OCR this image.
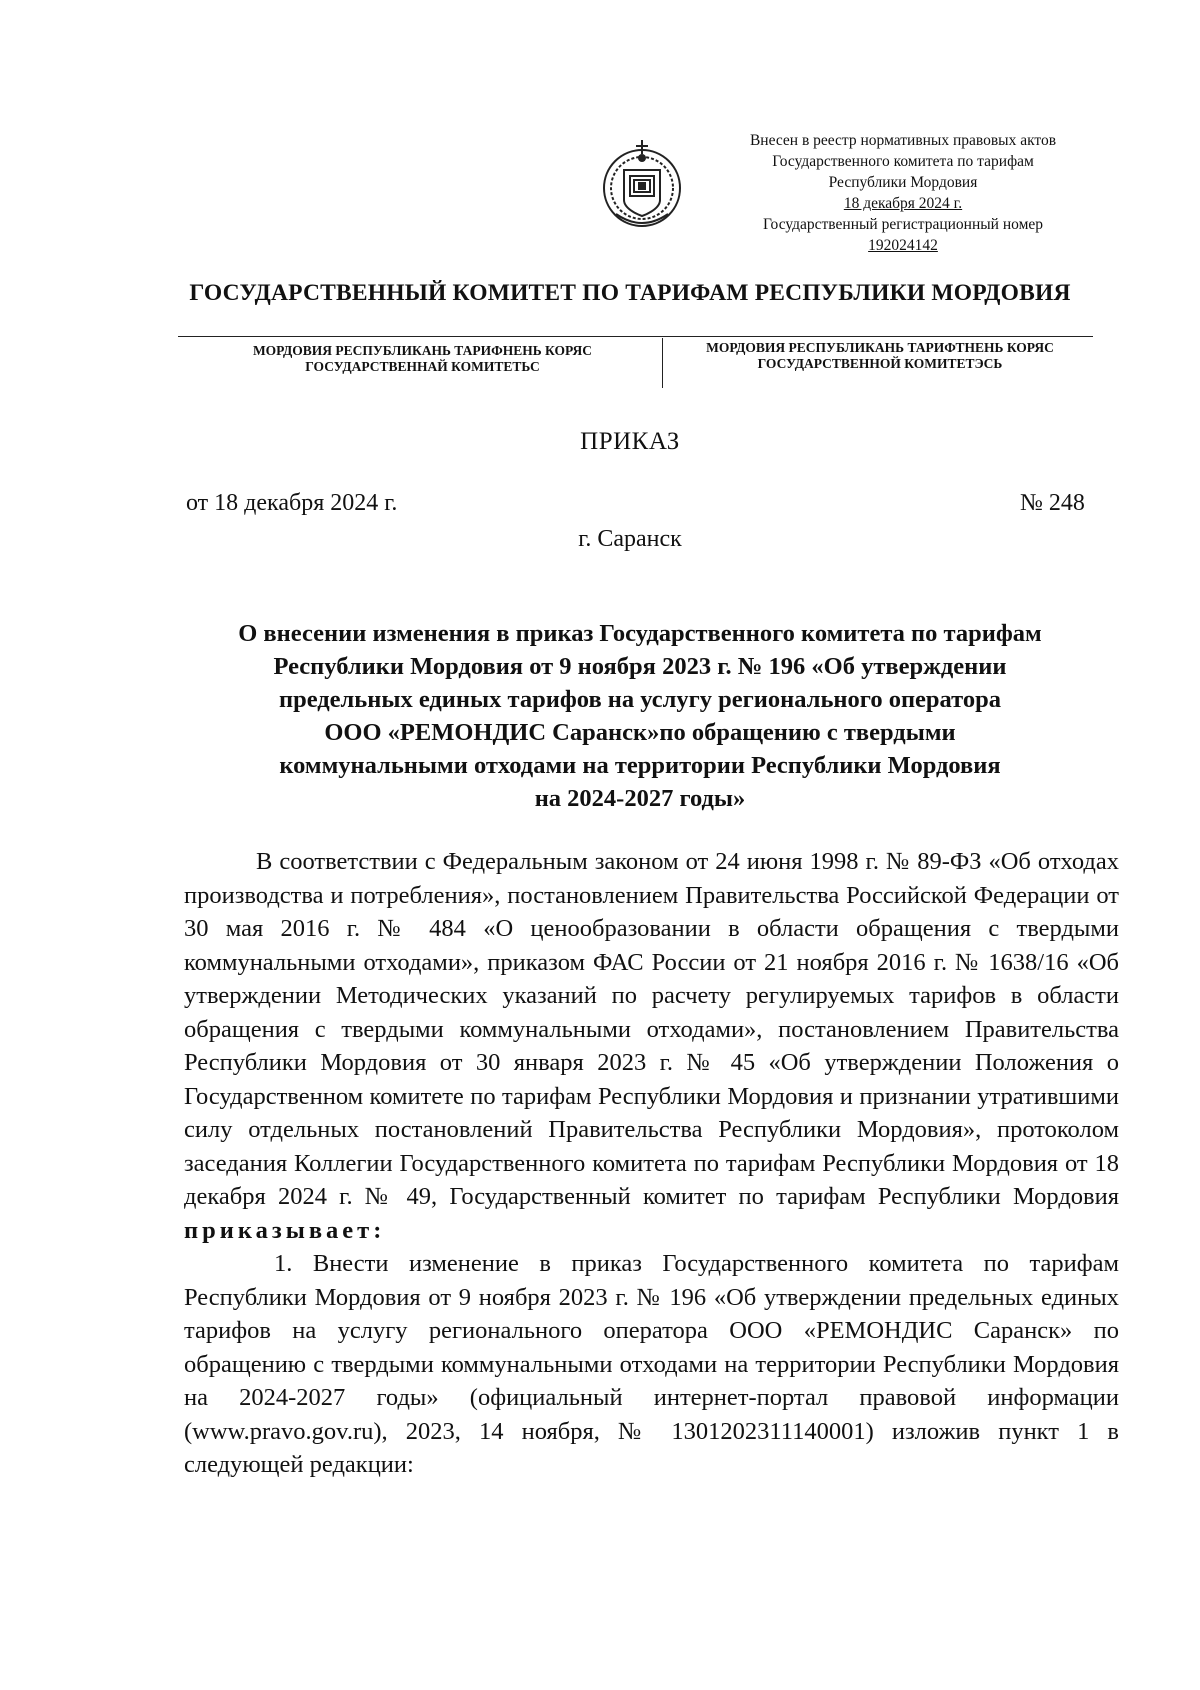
Внесен в реестр нормативных правовых актов
Государственного комитета по тарифам
Республики Мордовия
18 декабря 2024 г.
Государственный регистрационный номер
192024142
ГОСУДАРСТВЕННЫЙ КОМИТЕТ ПО ТАРИФАМ РЕСПУБЛИКИ МОРДОВИЯ
МОРДОВИЯ РЕСПУБЛИКАНЬ ТАРИФНЕНЬ КОРЯС
ГОСУДАРСТВЕННАЙ КОМИТЕТЬС
МОРДОВИЯ РЕСПУБЛИКАНЬ ТАРИФТНЕНЬ КОРЯС
ГОСУДАРСТВЕННОЙ КОМИТЕТЭСЬ
ПРИКАЗ
от 18 декабря 2024 г.	№ 248
г. Саранск
О внесении изменения в приказ Государственного комитета по тарифам
Республики Мордовия от 9 ноября 2023 г. № 196 «Об утверждении
предельных единых тарифов на услугу регионального оператора
ООО «РЕМОНДИС Саранск»по обращению с твердыми
коммунальными отходами на территории Республики Мордовия
на 2024-2027 годы»

В соответствии с Федеральным законом от 24 июня 1998 г. № 89-ФЗ «Об отходах производства и потребления», постановлением Правительства Российской Федерации от 30 мая 2016 г. № 484 «О ценообразовании в области обращения с твердыми коммунальными отходами», приказом ФАС России от 21 ноября 2016 г. № 1638/16 «Об утверждении Методических указаний по расчету регулируемых тарифов в области обращения с твердыми коммунальными отходами», постановлением Правительства Республики Мордовия от 30 января 2023 г. № 45 «Об утверждении Положения о Государственном комитете по тарифам Республики Мордовия и признании утратившими силу отдельных постановлений Правительства Республики Мордовия», протоколом заседания Коллегии Государственного комитета по тарифам Республики Мордовия от 18 декабря 2024 г. № 49, Государственный комитет по тарифам Республики Мордовия приказывает:

1. Внести изменение в приказ Государственного комитета по тарифам Республики Мордовия от 9 ноября 2023 г. № 196 «Об утверждении предельных единых тарифов на услугу регионального оператора ООО «РЕМОНДИС Саранск» по обращению с твердыми коммунальными отходами на территории Республики Мордовия на 2024-2027 годы» (официальный интернет-портал правовой информации (www.pravo.gov.ru), 2023, 14 ноября, № 1301202311140001) изложив пункт 1 в следующей редакции:
